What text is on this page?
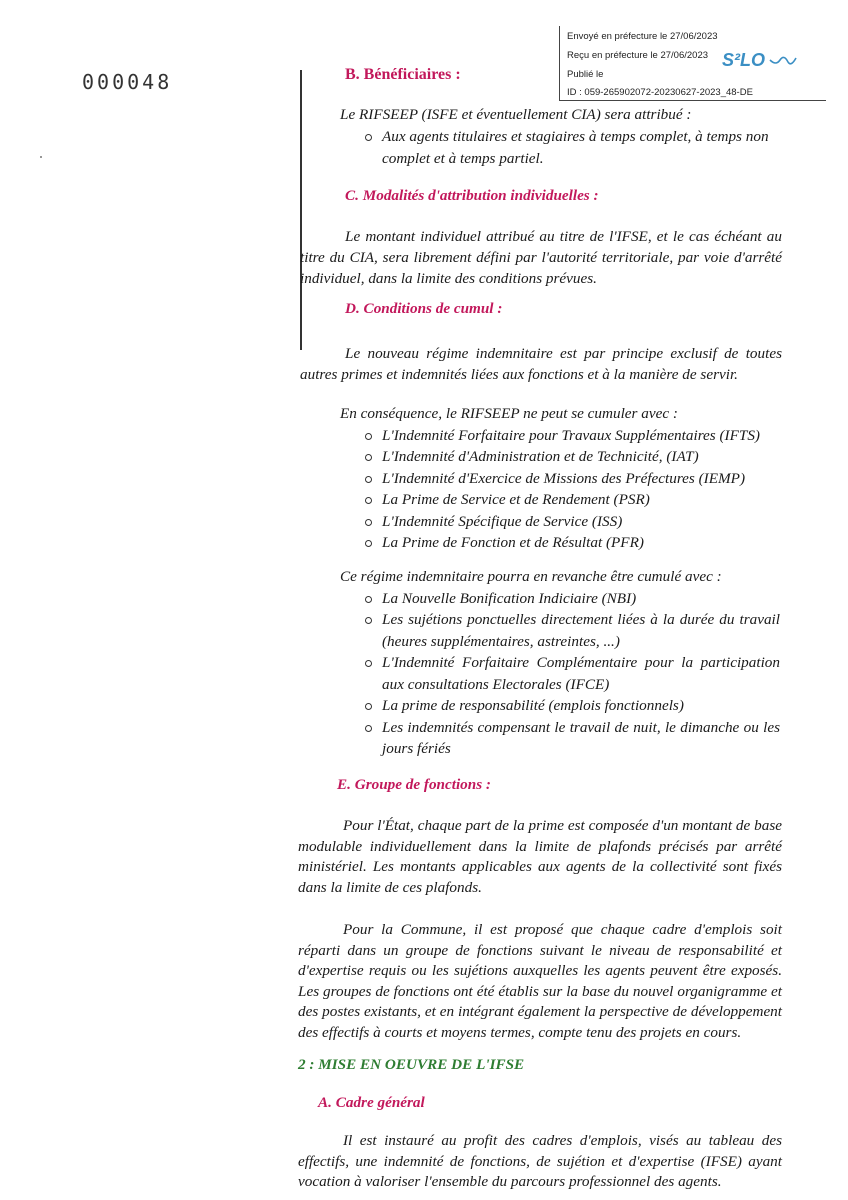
000048
Envoyé en préfecture le 27/06/2023
Reçu en préfecture le 27/06/2023
Publié le
ID : 059-265902072-20230627-2023_48-DE
S²LO
B. Bénéficiaires :

Le RIFSEEP (ISFE et éventuellement CIA) sera attribué :

Aux agents titulaires et stagiaires à temps complet, à temps non complet et à temps partiel.
C. Modalités d'attribution individuelles :

Le montant individuel attribué au titre de l'IFSE, et le cas échéant au titre du CIA, sera librement défini par l'autorité territoriale, par voie d'arrêté individuel, dans la limite des conditions prévues.

D. Conditions de cumul :

Le nouveau régime indemnitaire est par principe exclusif de toutes autres primes et indemnités liées aux fonctions et à la manière de servir.

En conséquence, le RIFSEEP ne peut se cumuler avec :

L'Indemnité Forfaitaire pour Travaux Supplémentaires (IFTS)
L'Indemnité d'Administration et de Technicité, (IAT)
L'Indemnité d'Exercice de Missions des Préfectures (IEMP)
La Prime de Service et de Rendement (PSR)
L'Indemnité Spécifique de Service (ISS)
La Prime de Fonction et de Résultat (PFR)

Ce régime indemnitaire pourra en revanche être cumulé avec :

La Nouvelle Bonification Indiciaire (NBI)
Les sujétions ponctuelles directement liées à la durée du travail (heures supplémentaires, astreintes, ...)
L'Indemnité Forfaitaire Complémentaire pour la participation aux consultations Electorales (IFCE)
La prime de responsabilité (emplois fonctionnels)
Les indemnités compensant le travail de nuit, le dimanche ou les jours fériés
E. Groupe de fonctions :

Pour l'État, chaque part de la prime est composée d'un montant de base modulable individuellement dans la limite de plafonds précisés par arrêté ministériel. Les montants applicables aux agents de la collectivité sont fixés dans la limite de ces plafonds.

Pour la Commune, il est proposé que chaque cadre d'emplois soit réparti dans un groupe de fonctions suivant le niveau de responsabilité et d'expertise requis ou les sujétions auxquelles les agents peuvent être exposés. Les groupes de fonctions ont été établis sur la base du nouvel organigramme et des postes existants, et en intégrant également la perspective de développement des effectifs à courts et moyens termes, compte tenu des projets en cours.

2 : MISE EN OEUVRE DE L'IFSE
A. Cadre général

Il est instauré au profit des cadres d'emplois, visés au tableau des effectifs, une indemnité de fonctions, de sujétion et d'expertise (IFSE) ayant vocation à valoriser l'ensemble du parcours professionnel des agents.
